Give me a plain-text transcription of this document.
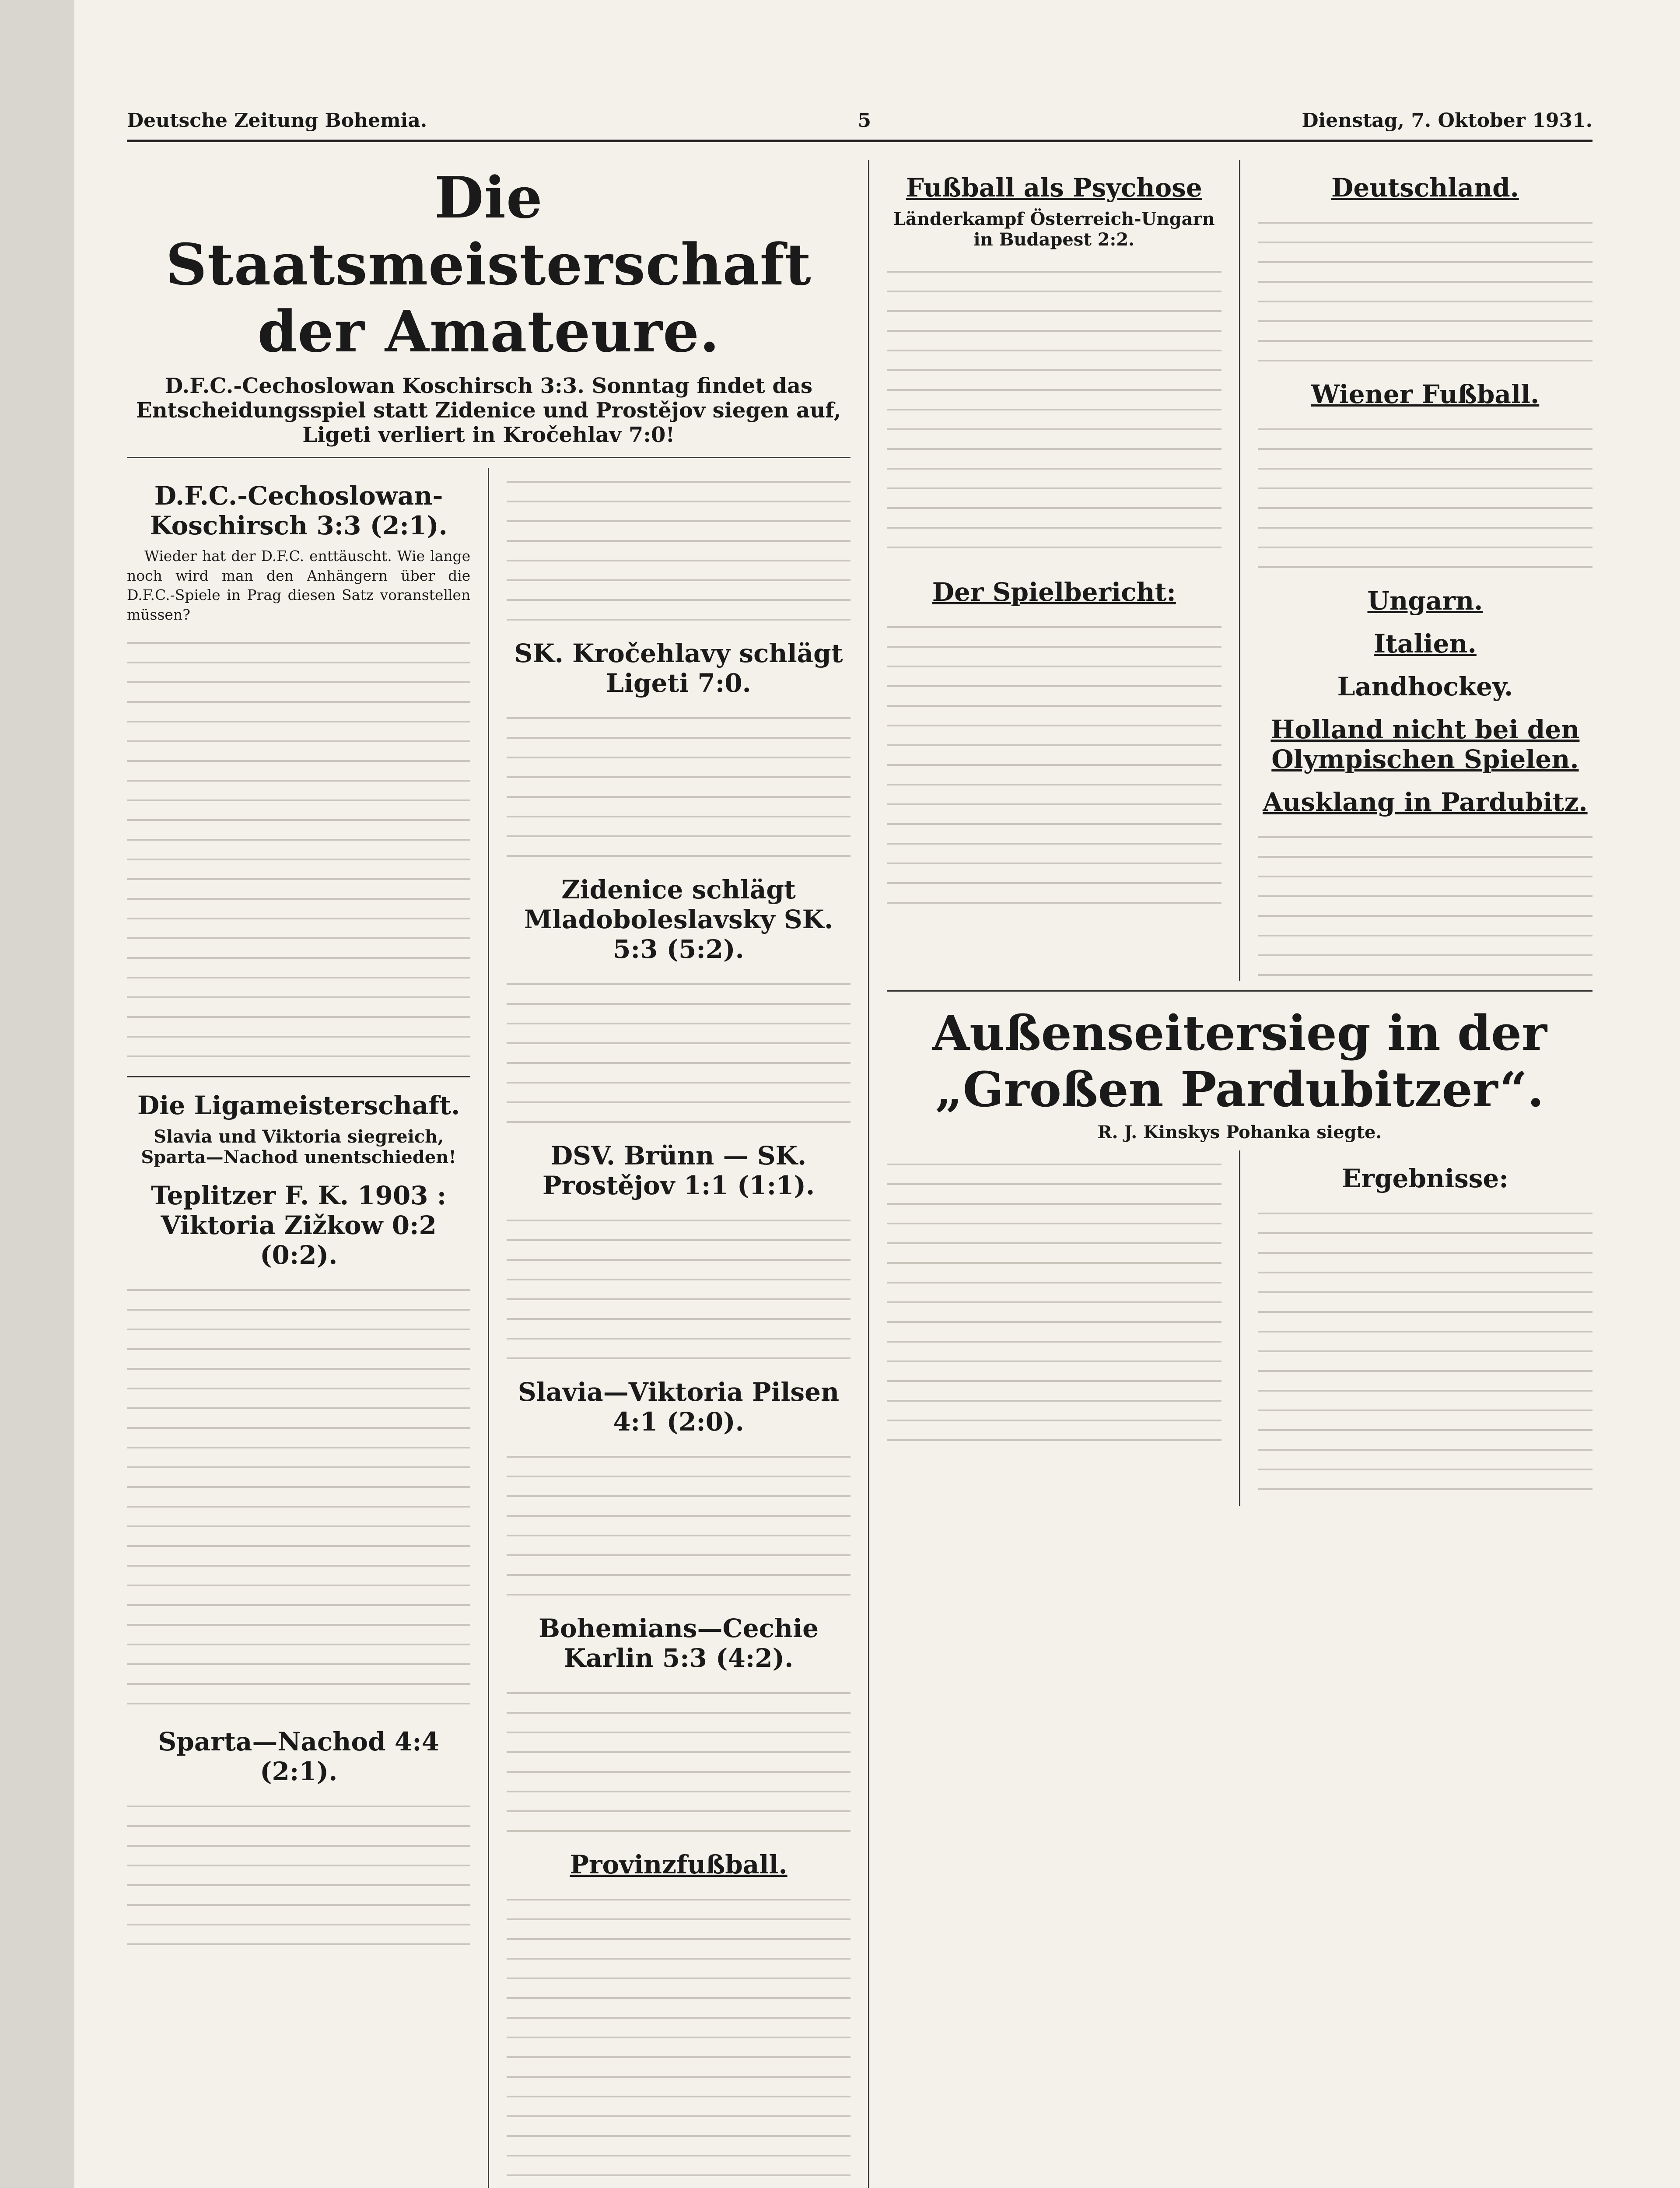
Deutsche Zeitung Bohemia.	5	Dienstag, 7. Oktober 1931.
Die Staatsmeisterschaft der Amateure.
D.F.C.-Cechoslowan Koschirsch 3:3. Sonntag findet das Entscheidungsspiel statt Zidenice und Prostějov siegen auf, Ligeti verliert in Kročehlav 7:0!
D.F.C.-Cechoslowan-Koschirsch 3:3 (2:1).

Wieder hat der D.F.C. enttäuscht. Wie lange noch wird man den Anhängern über die D.F.C.-Spiele in Prag diesen Satz voranstellen müssen?

Die Ligameisterschaft.
Slavia und Viktoria siegreich, Sparta—Nachod unentschieden!
Teplitzer F. K. 1903 : Viktoria Zižkow 0:2 (0:2).
Sparta—Nachod 4:4 (2:1).
SK. Kročehlavy schlägt Ligeti 7:0.
Zidenice schlägt Mladoboleslavsky SK. 5:3 (5:2).
DSV. Brünn — SK. Prostějov 1:1 (1:1).
Slavia—Viktoria Pilsen 4:1 (2:0).
Bohemians—Cechie Karlin 5:3 (4:2).
Provinzfußball.
Fußball als Psychose
Länderkampf Österreich-Ungarn in Budapest 2:2.
Der Spielbericht:
Deutschland.
Wiener Fußball.
Ungarn.
Italien.
Landhockey.
Holland nicht bei den Olympischen Spielen.
Ausklang in Pardubitz.
Außenseitersieg in der „Großen Pardubitzer“.
R. J. Kinskys Pohanka siegte.
Ergebnisse:
